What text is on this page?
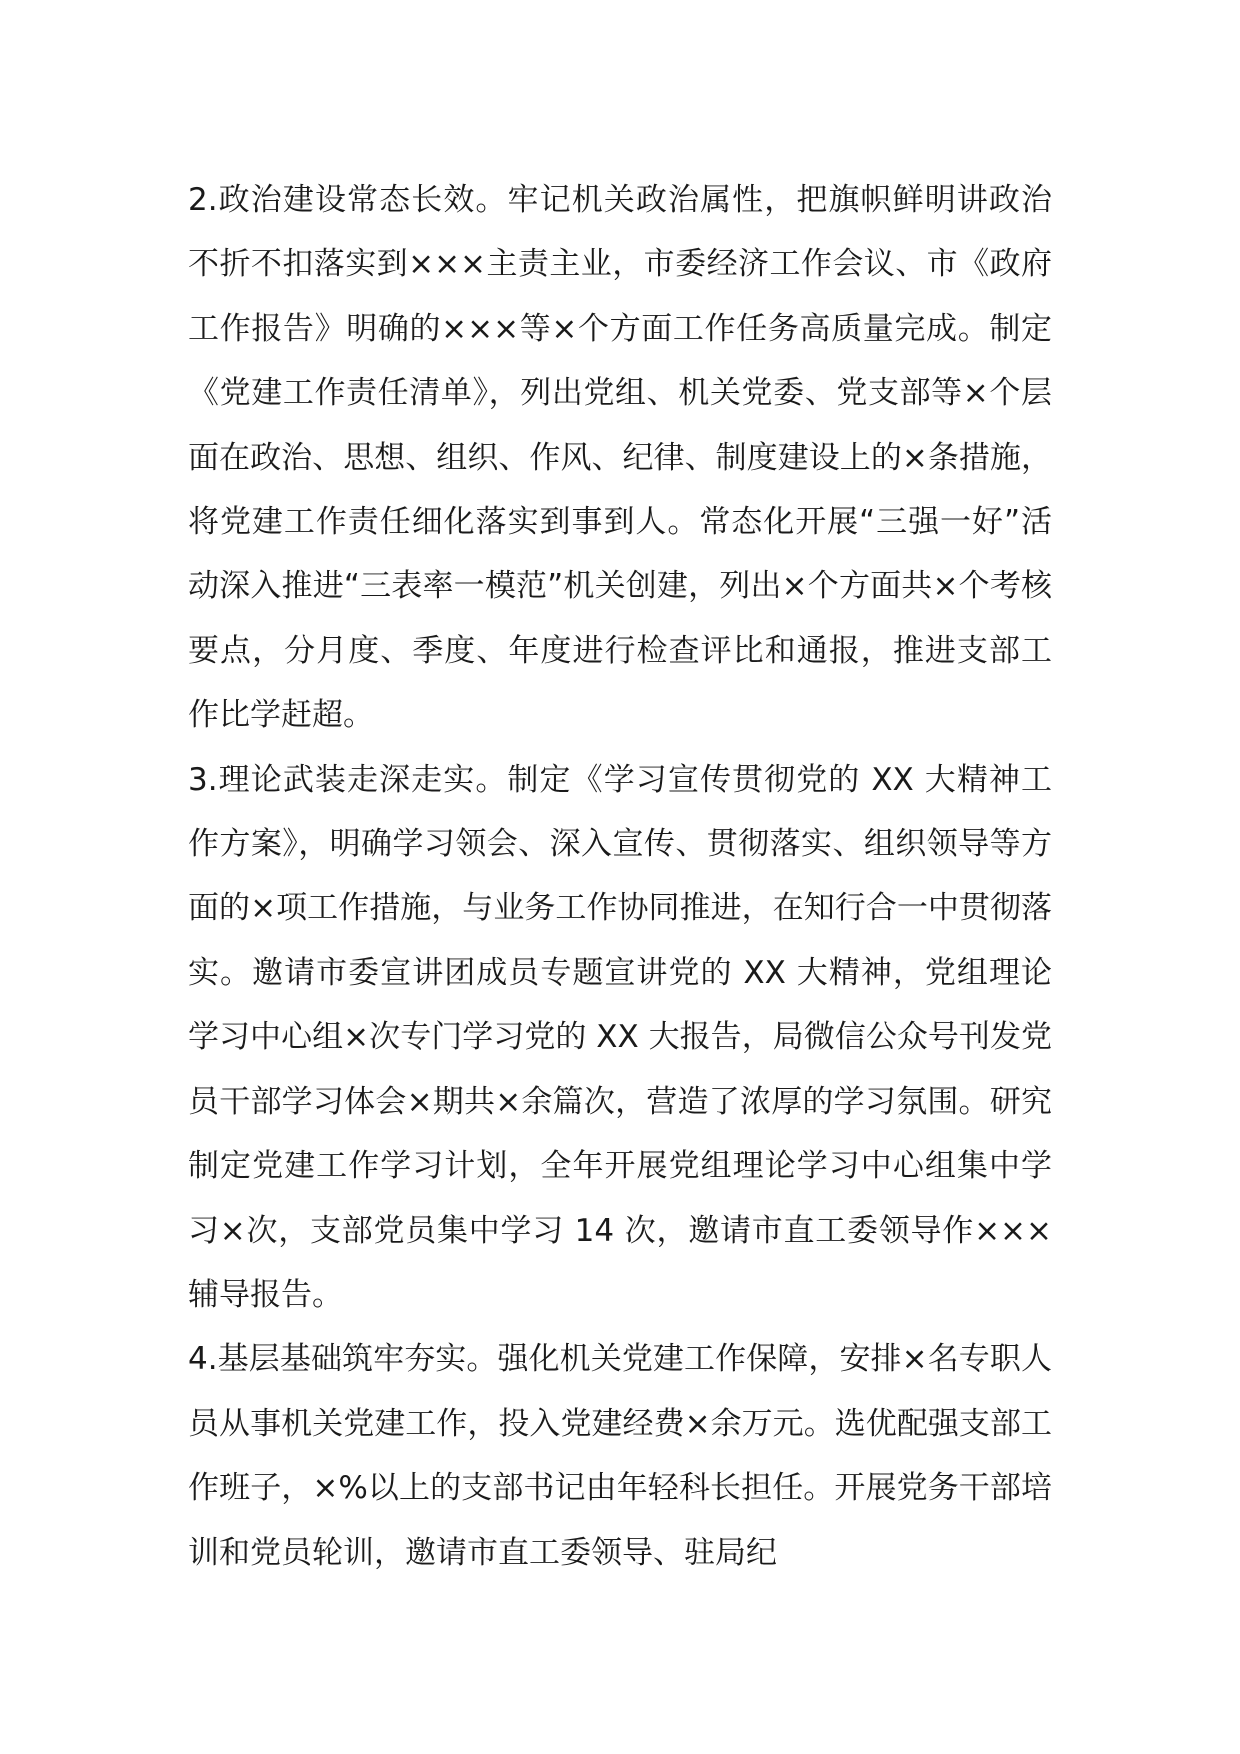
2.政治建设常态长效。牢记机关政治属性，把旗帜鲜明讲政治不折不扣落实到×××主责主业，市委经济工作会议、市《政府工作报告》明确的×××等×个方面工作任务高质量完成。制定《党建工作责任清单》，列出党组、机关党委、党支部等×个层面在政治、思想、组织、作风、纪律、制度建设上的×条措施，将党建工作责任细化落实到事到人。常态化开展“三强一好”活动深入推进“三表率一模范”机关创建，列出×个方面共×个考核要点，分月度、季度、年度进行检查评比和通报，推进支部工作比学赶超。

3.理论武装走深走实。制定《学习宣传贯彻党的 XX 大精神工作方案》，明确学习领会、深入宣传、贯彻落实、组织领导等方面的×项工作措施，与业务工作协同推进，在知行合一中贯彻落实。邀请市委宣讲团成员专题宣讲党的 XX 大精神，党组理论学习中心组×次专门学习党的 XX 大报告，局微信公众号刊发党员干部学习体会×期共×余篇次，营造了浓厚的学习氛围。研究制定党建工作学习计划，全年开展党组理论学习中心组集中学习×次，支部党员集中学习 14 次，邀请市直工委领导作×××辅导报告。

4.基层基础筑牢夯实。强化机关党建工作保障，安排×名专职人员从事机关党建工作，投入党建经费×余万元。选优配强支部工作班子，×%以上的支部书记由年轻科长担任。开展党务干部培训和党员轮训，邀请市直工委领导、驻局纪
